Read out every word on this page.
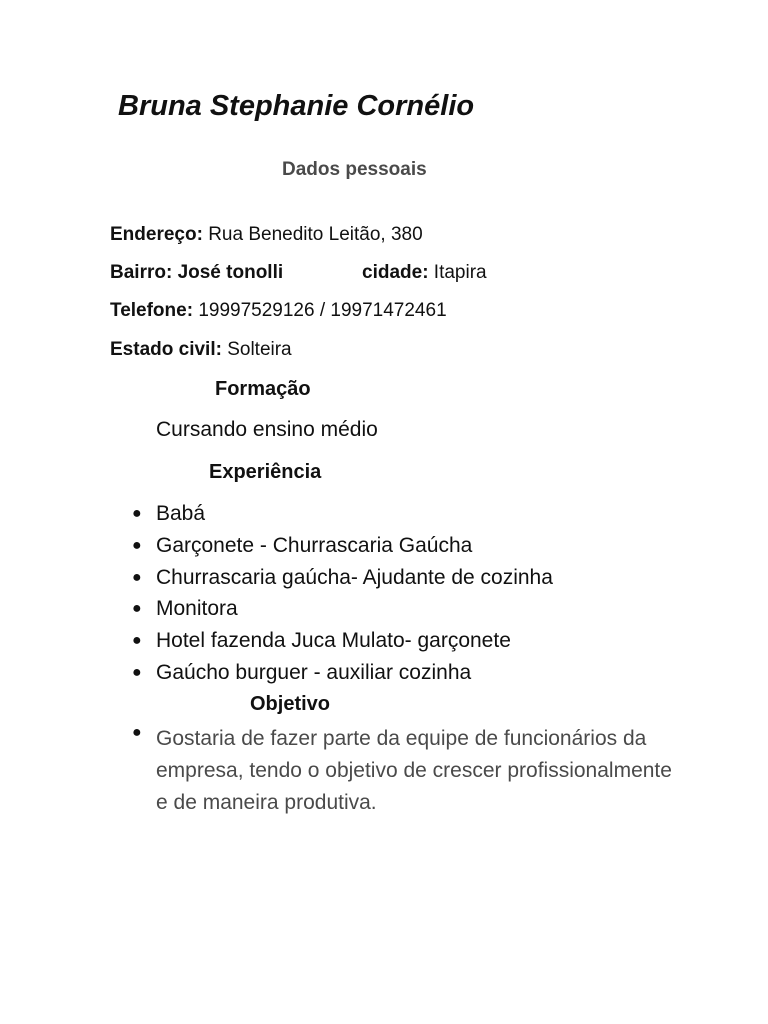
Bruna Stephanie Cornélio
Dados pessoais
Endereço: Rua Benedito Leitão, 380
Bairro: José tonolli	cidade: Itapira
Telefone: 19997529126 / 19971472461
Estado civil: Solteira
Formação
Cursando ensino médio
Experiência
● Babá
● Garçonete - Churrascaria Gaúcha
● Churrascaria gaúcha- Ajudante de cozinha
● Monitora
● Hotel fazenda Juca Mulato- garçonete
● Gaúcho burguer - auxiliar cozinha
Objetivo
● Gostaria de fazer parte da equipe de funcionários da empresa, tendo o objetivo de crescer profissionalmente e de maneira produtiva.
